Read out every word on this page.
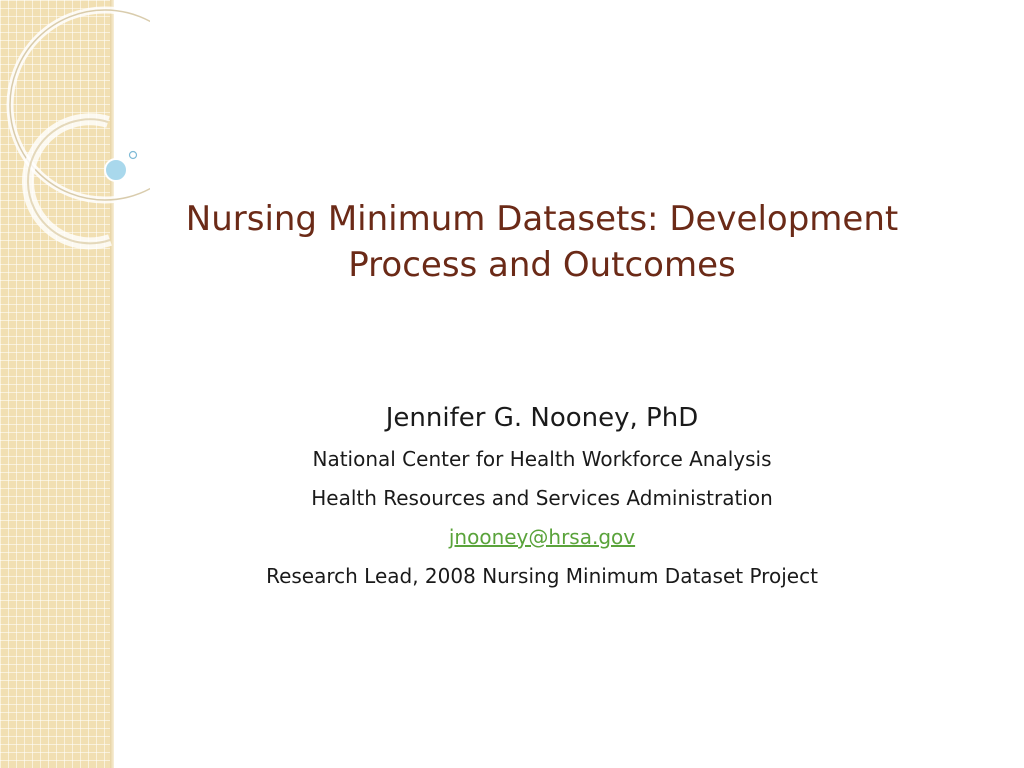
Nursing Minimum Datasets: Development Process and Outcomes

Jennifer G. Nooney, PhD

National Center for Health Workforce Analysis

Health Resources and Services Administration

jnooney@hrsa.gov

Research Lead, 2008 Nursing Minimum Dataset Project
